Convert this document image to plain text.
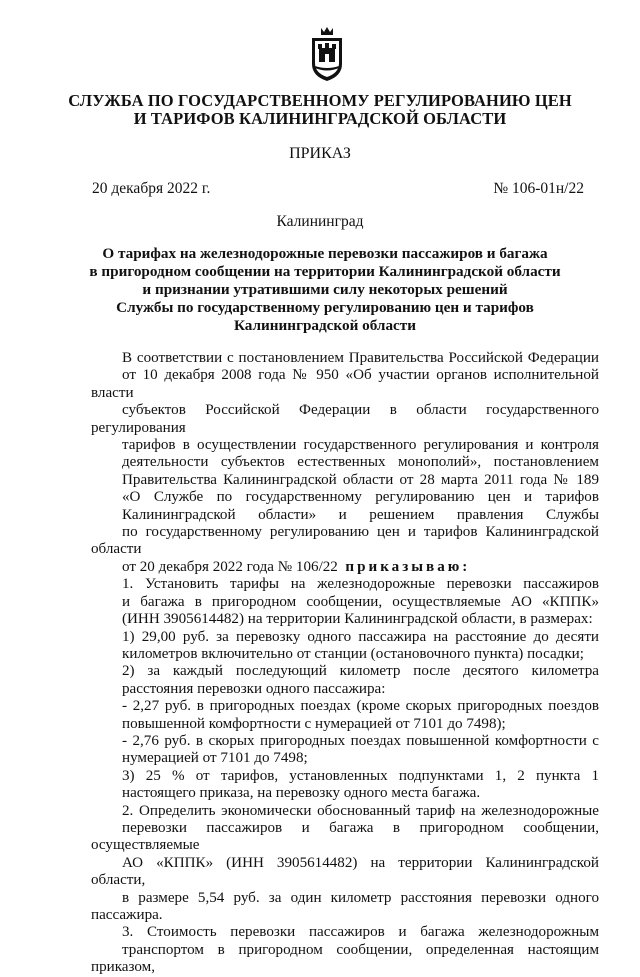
СЛУЖБА ПО ГОСУДАРСТВЕННОМУ РЕГУЛИРОВАНИЮ ЦЕН
И ТАРИФОВ КАЛИНИНГРАДСКОЙ ОБЛАСТИ
ПРИКАЗ
20 декабря 2022 г.	№ 106-01н/22
Калининград
О тарифах на железнодорожные перевозки пассажиров и багажа
в пригородном сообщении на территории Калининградской области
и признании утратившими силу некоторых решений
Службы по государственному регулированию цен и тарифов
Калининградской области

В соответствии с постановлением Правительства Российской Федерации
от 10 декабря 2008 года № 950 «Об участии органов исполнительной власти
субъектов Российской Федерации в области государственного регулирования
тарифов в осуществлении государственного регулирования и контроля
деятельности субъектов естественных монополий», постановлением
Правительства Калининградской области от 28 марта 2011 года № 189
«О Службе по государственному регулированию цен и тарифов
Калининградской области» и решением правления Службы
по государственному регулированию цен и тарифов Калининградской области
от 20 декабря 2022 года № 106/22 приказываю:

1. Установить тарифы на железнодорожные перевозки пассажиров
и багажа в пригородном сообщении, осуществляемые АО «КППК»
(ИНН 3905614482) на территории Калининградской области, в размерах:

1) 29,00 руб. за перевозку одного пассажира на расстояние до десяти
километров включительно от станции (остановочного пункта) посадки;

2) за каждый последующий километр после десятого километра
расстояния перевозки одного пассажира:

- 2,27 руб. в пригородных поездах (кроме скорых пригородных поездов
повышенной комфортности с нумерацией от 7101 до 7498);

- 2,76 руб. в скорых пригородных поездах повышенной комфортности с
нумерацией от 7101 до 7498;

3) 25 % от тарифов, установленных подпунктами 1, 2 пункта 1
настоящего приказа, на перевозку одного места багажа.

2. Определить экономически обоснованный тариф на железнодорожные
перевозки пассажиров и багажа в пригородном сообщении, осуществляемые
АО «КППК» (ИНН 3905614482) на территории Калининградской области,
в размере 5,54 руб. за один километр расстояния перевозки одного пассажира.

3. Стоимость перевозки пассажиров и багажа железнодорожным
транспортом в пригородном сообщении, определенная настоящим приказом,
